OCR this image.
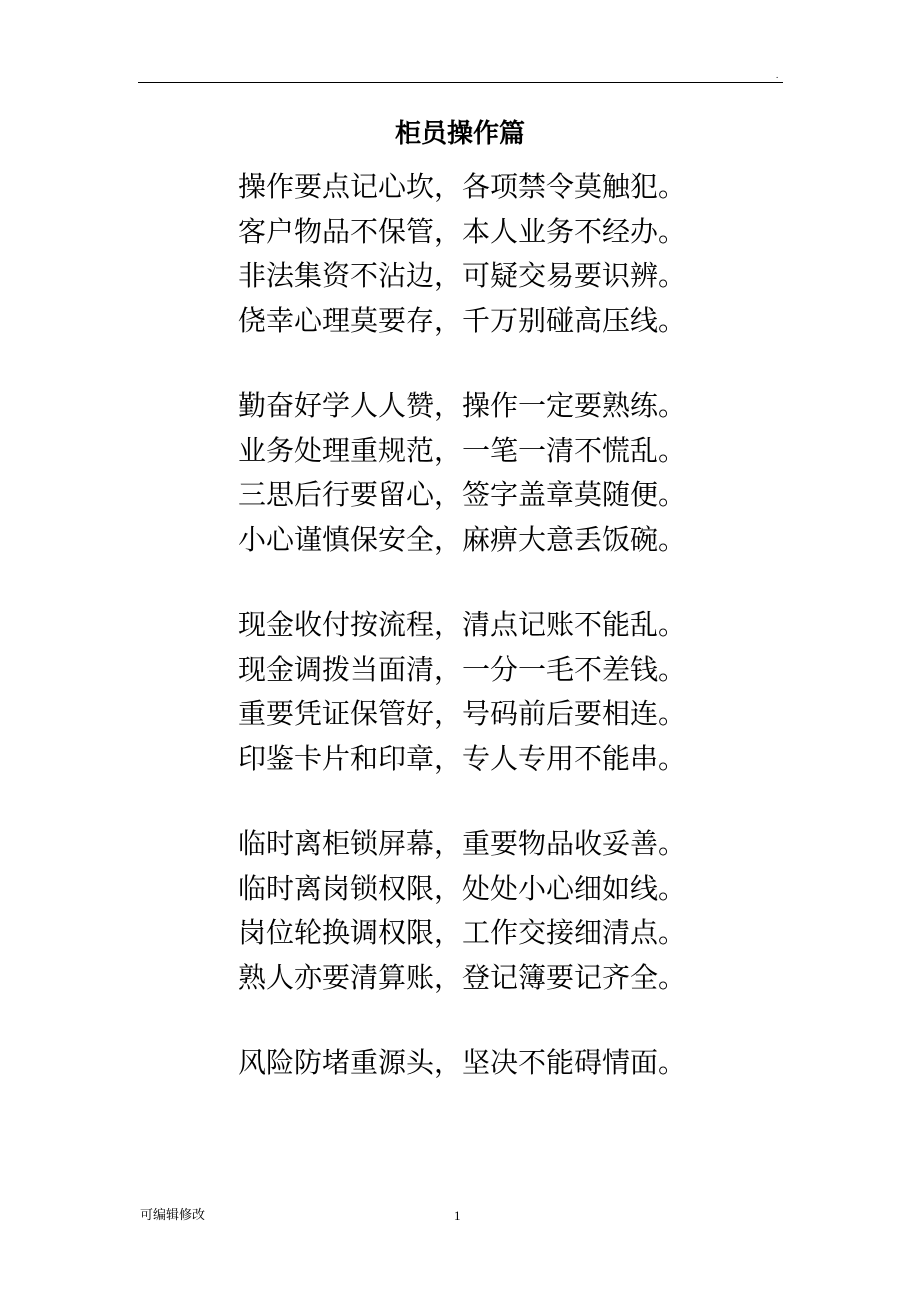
.
柜员操作篇
操作要点记心坎，各项禁令莫触犯。
客户物品不保管，本人业务不经办。
非法集资不沾边，可疑交易要识辨。
侥幸心理莫要存，千万别碰高压线。
勤奋好学人人赞，操作一定要熟练。
业务处理重规范，一笔一清不慌乱。
三思后行要留心，签字盖章莫随便。
小心谨慎保安全，麻痹大意丢饭碗。
现金收付按流程，清点记账不能乱。
现金调拨当面清，一分一毛不差钱。
重要凭证保管好，号码前后要相连。
印鉴卡片和印章，专人专用不能串。
临时离柜锁屏幕，重要物品收妥善。
临时离岗锁权限，处处小心细如线。
岗位轮换调权限，工作交接细清点。
熟人亦要清算账，登记簿要记齐全。
风险防堵重源头，坚决不能碍情面。
可编辑修改	1
